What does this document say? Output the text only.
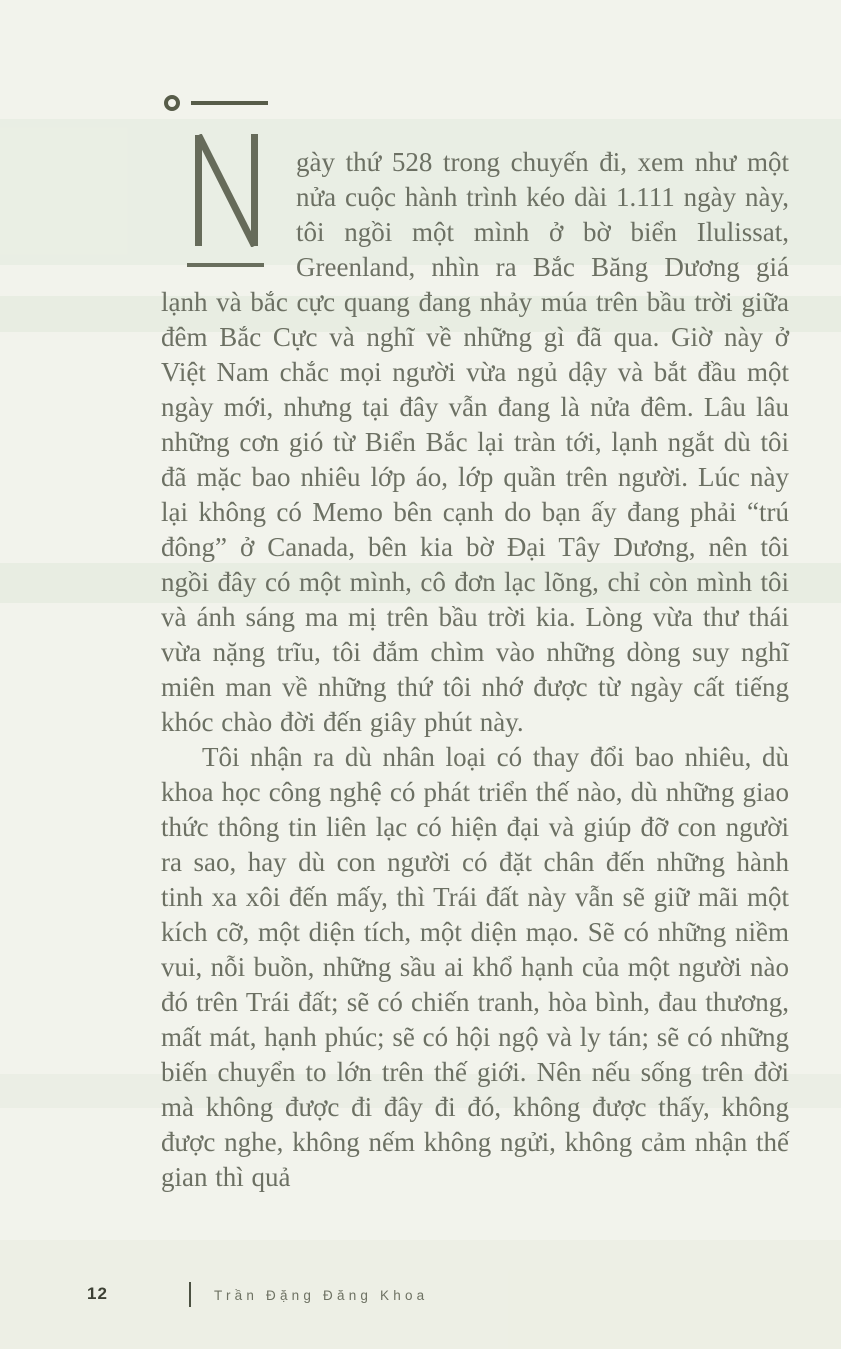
gày thứ 528 trong chuyến đi, xem như một nửa cuộc hành trình kéo dài 1.111 ngày này, tôi ngồi một mình ở bờ biển Ilulissat, Greenland, nhìn ra Bắc Băng Dương giá lạnh và bắc cực quang đang nhảy múa trên bầu trời giữa đêm Bắc Cực và nghĩ về những gì đã qua. Giờ này ở Việt Nam chắc mọi người vừa ngủ dậy và bắt đầu một ngày mới, nhưng tại đây vẫn đang là nửa đêm. Lâu lâu những cơn gió từ Biển Bắc lại tràn tới, lạnh ngắt dù tôi đã mặc bao nhiêu lớp áo, lớp quần trên người. Lúc này lại không có Memo bên cạnh do bạn ấy đang phải “trú đông” ở Canada, bên kia bờ Đại Tây Dương, nên tôi ngồi đây có một mình, cô đơn lạc lõng, chỉ còn mình tôi và ánh sáng ma mị trên bầu trời kia. Lòng vừa thư thái vừa nặng trĩu, tôi đắm chìm vào những dòng suy nghĩ miên man về những thứ tôi nhớ được từ ngày cất tiếng khóc chào đời đến giây phút này.

Tôi nhận ra dù nhân loại có thay đổi bao nhiêu, dù khoa học công nghệ có phát triển thế nào, dù những giao thức thông tin liên lạc có hiện đại và giúp đỡ con người ra sao, hay dù con người có đặt chân đến những hành tinh xa xôi đến mấy, thì Trái đất này vẫn sẽ giữ mãi một kích cỡ, một diện tích, một diện mạo. Sẽ có những niềm vui, nỗi buồn, những sầu ai khổ hạnh của một người nào đó trên Trái đất; sẽ có chiến tranh, hòa bình, đau thương, mất mát, hạnh phúc; sẽ có hội ngộ và ly tán; sẽ có những biến chuyển to lớn trên thế giới. Nên nếu sống trên đời mà không được đi đây đi đó, không được thấy, không được nghe, không nếm không ngửi, không cảm nhận thế gian thì quả

12	Trần Đặng Đăng Khoa
